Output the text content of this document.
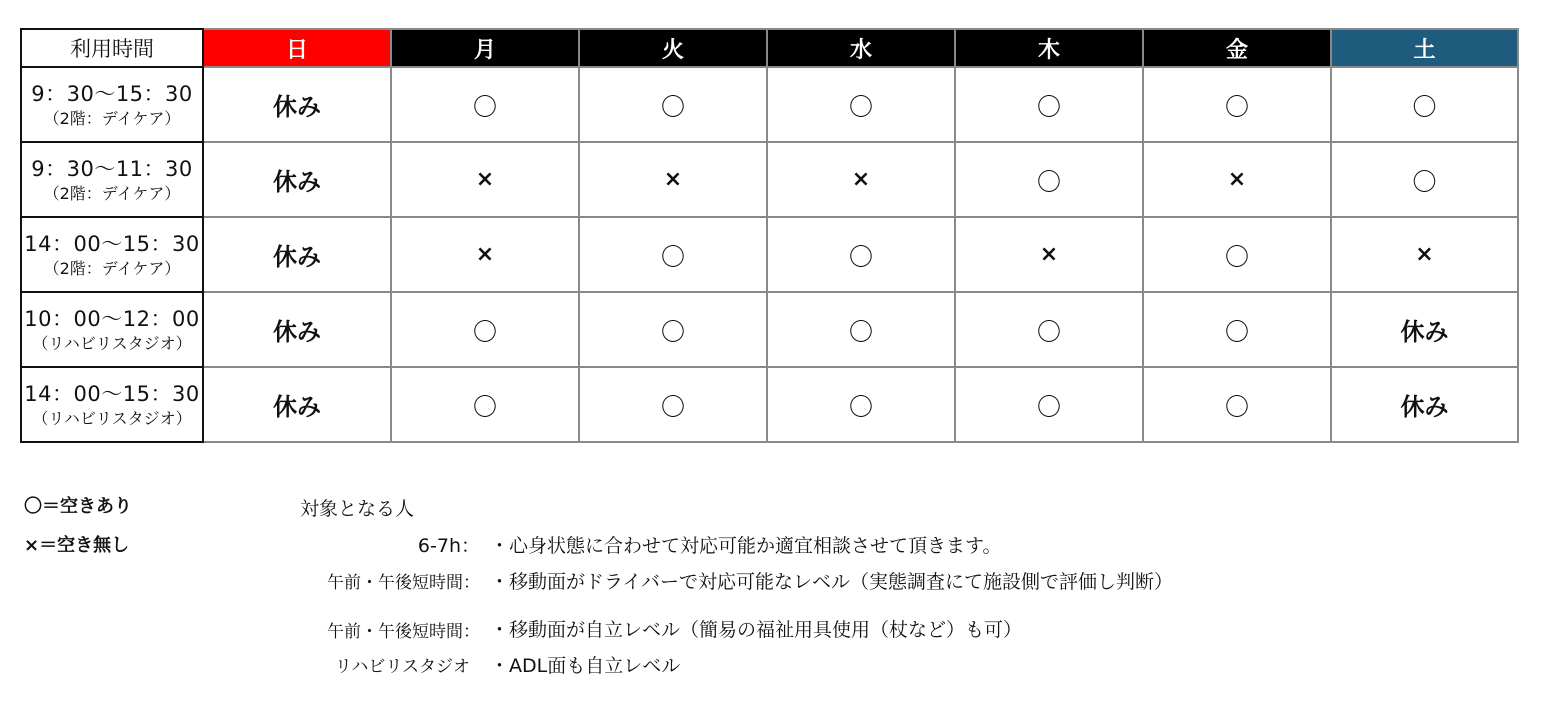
利用時間	日	月	火	水	木	金	土

9：30〜15：30
（2階：デイケア）	休み	〇	〇	〇	〇	〇	〇

9：30〜11：30
（2階：デイケア）	休み	×	×	×	〇	×	〇

14：00〜15：30
（2階：デイケア）	休み	×	〇	〇	×	〇	×

10：00〜12：00
（リハビリスタジオ）	休み	〇	〇	〇	〇	〇	休み

14：00〜15：30
（リハビリスタジオ）	休み	〇	〇	〇	〇	〇	休み
〇＝空きあり
×＝空き無し
対象となる人
6-7h： ・心身状態に合わせて対応可能か適宜相談させて頂きます。
午前・午後短時間： ・移動面がドライバーで対応可能なレベル（実態調査にて施設側で評価し判断）
午前・午後短時間： ・移動面が自立レベル（簡易の福祉用具使用（杖など）も可）
リハビリスタジオ ・ADL面も自立レベル
